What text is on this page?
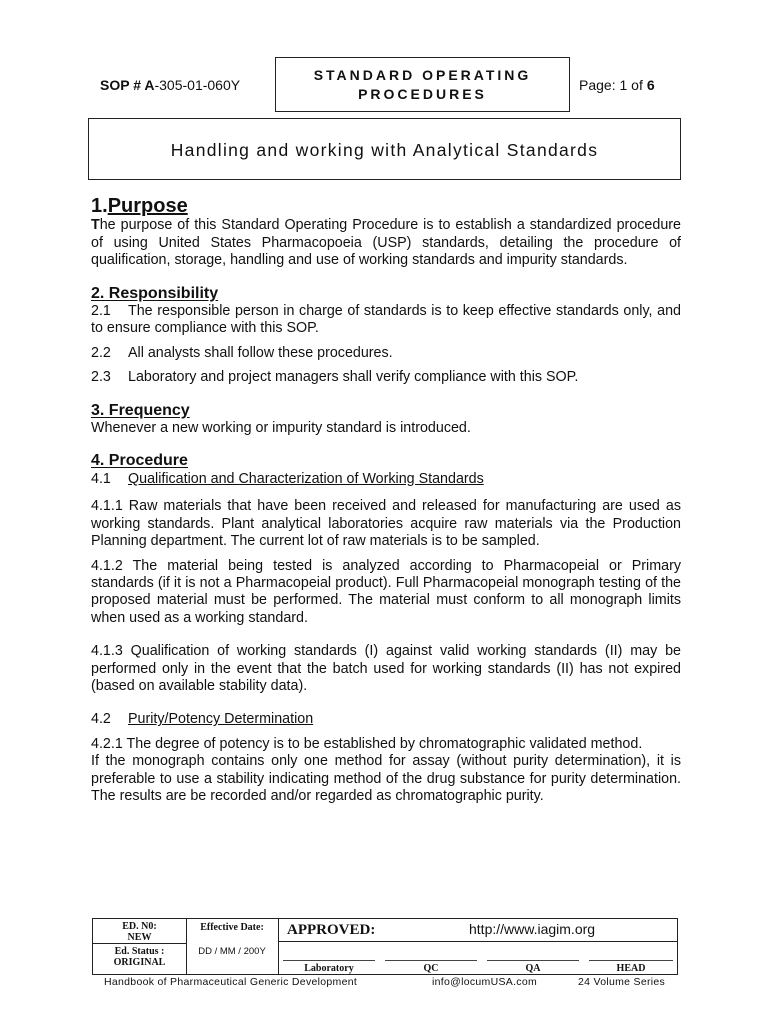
SOP # A-305-01-060Y
STANDARD OPERATING
PROCEDURES
Page: 1 of 6
Handling and working with Analytical Standards
1.Purpose

The purpose of this Standard Operating Procedure is to establish a standardized procedure of using United States Pharmacopoeia (USP) standards, detailing the procedure of qualification, storage, handling and use of working standards and impurity standards.

2. Responsibility
2.1 The responsible person in charge of standards is to keep effective standards only, and to ensure compliance with this SOP.
2.2 All analysts shall follow these procedures.
2.3 Laboratory and project managers shall verify compliance with this SOP.
3. Frequency

Whenever a new working or impurity standard is introduced.

4. Procedure
4.1 Qualification and Characterization of Working Standards

4.1.1 Raw materials that have been received and released for manufacturing are used as working standards. Plant analytical laboratories acquire raw materials via the Production Planning department. The current lot of raw materials is to be sampled.

4.1.2 The material being tested is analyzed according to Pharmacopeial or Primary standards (if it is not a Pharmacopeial product). Full Pharmacopeial monograph testing of the proposed material must be performed. The material must conform to all monograph limits when used as a working standard.

4.1.3 Qualification of working standards (I) against valid working standards (II) may be performed only in the event that the batch used for working standards (II) has not expired (based on available stability data).

4.2 Purity/Potency Determination

4.2.1 The degree of potency is to be established by chromatographic validated method.

If the monograph contains only one method for assay (without purity determination), it is preferable to use a stability indicating method of the drug substance for purity determination. The results are be recorded and/or regarded as chromatographic purity.

ED. N0:
NEW
Ed. Status :
ORIGINAL
Effective Date:
DD / MM / 200Y
APPROVED:	http://www.iagim.org
Laboratory	QC	QA	HEAD
Handbook of Pharmaceutical Generic Development	info@locumUSA.com	24 Volume Series
